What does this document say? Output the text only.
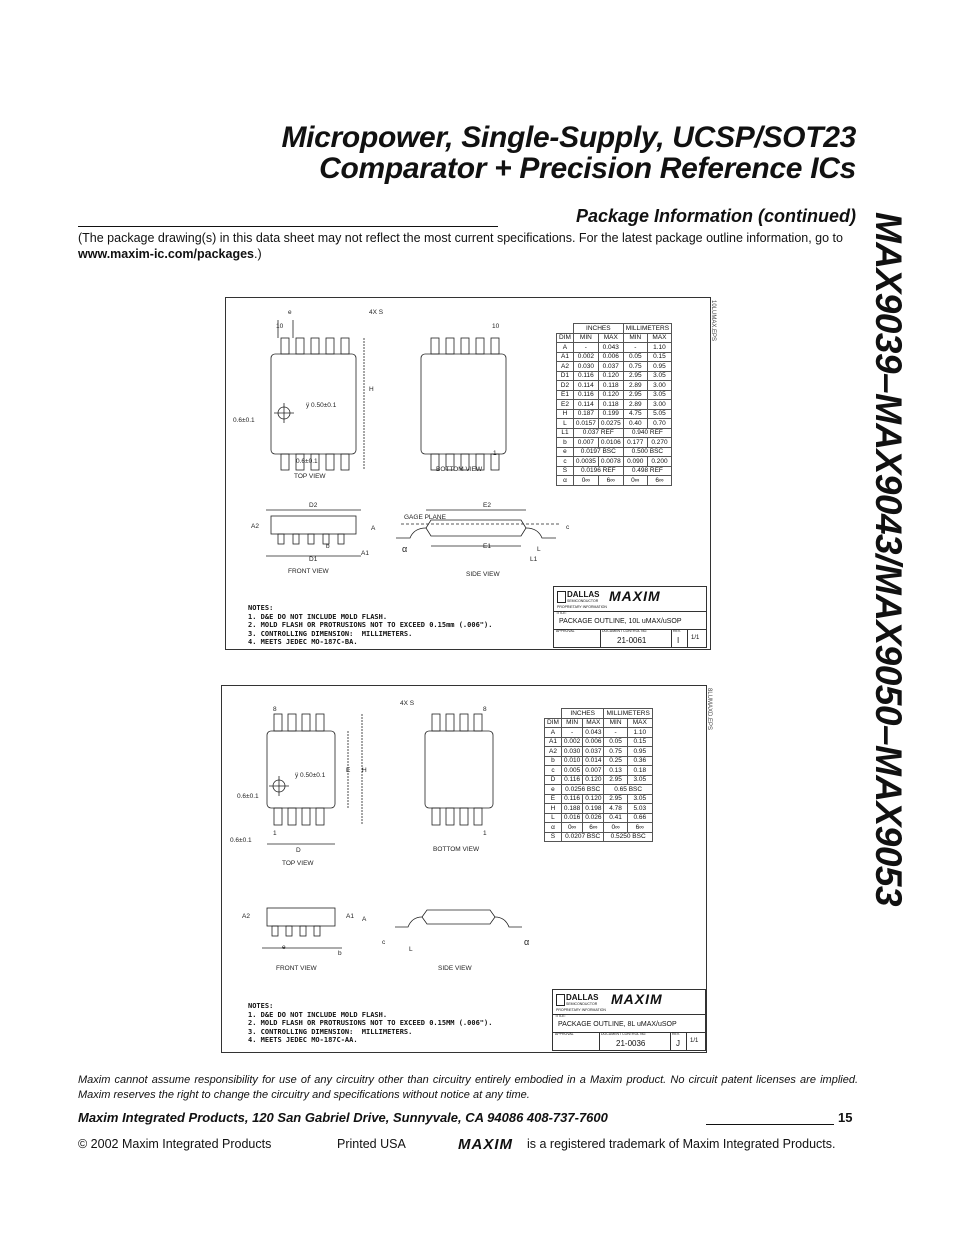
Micropower, Single-Supply, UCSP/SOT23
Comparator + Precision Reference ICs
MAX9039–MAX9043/MAX9050–MAX9053
Package Information (continued)
(The package drawing(s) in this data sheet may not reflect the most current specifications. For the latest package outline information, go to www.maxim-ic.com/packages.)
e	4X S
10	10
1
H
0.6±0.1
ÿ 0.50±0.1
0.6±0.1
TOP VIEW
BOTTOM VIEW
D2
A2	A
b
D1
A1
FRONT VIEW
GAGE PLANE
E2
c
E1	L
L1
α
SIDE VIEW
10LUMAX.EPS
	INCHES		MILLIMETERS	
DIM	MIN	MAX	MIN	MAX
A	-	0.043	-	1.10
A1	0.002	0.006	0.05	0.15
A2	0.030	0.037	0.75	0.95
D1	0.116	0.120	2.95	3.05
D2	0.114	0.118	2.89	3.00
E1	0.116	0.120	2.95	3.05
E2	0.114	0.118	2.89	3.00
H	0.187	0.199	4.75	5.05
L	0.0157	0.0275	0.40	0.70
L1	0.037 REF		0.940 REF	
b	0.007	0.0106	0.177	0.270
e	0.0197 BSC		0.500 BSC	
c	0.0035	0.0078	0.090	0.200
S	0.0196 REF		0.498 REF	
α	0∞	6∞	0∞	6∞
NOTES:
1. D&E DO NOT INCLUDE MOLD FLASH.
2. MOLD FLASH OR PROTRUSIONS NOT TO EXCEED 0.15mm (.006").
3. CONTROLLING DIMENSION:  MILLIMETERS.
4. MEETS JEDEC MO-187C-BA.
DALLAS
SEMICONDUCTOR MAXIM
PROPRIETARY INFORMATION
TITLE:
PACKAGE OUTLINE, 10L uMAX/uSOP
APPROVAL	DOCUMENT CONTROL NO.
21-0061
REV.
I 1/1
4X S
8	8
1	1
E H
0.6±0.1
ÿ 0.50±0.1
0.6±0.1
D
TOP VIEW
BOTTOM VIEW
A2	A1 A
e
b
FRONT VIEW
c
L
α
SIDE VIEW
8LUMAXD.EPS
	INCHES		MILLIMETERS	
DIM	MIN	MAX	MIN	MAX
A	-	0.043	-	1.10
A1	0.002	0.006	0.05	0.15
A2	0.030	0.037	0.75	0.95
b	0.010	0.014	0.25	0.36
c	0.005	0.007	0.13	0.18
D	0.116	0.120	2.95	3.05
e	0.0256 BSC		0.65 BSC	
E	0.116	0.120	2.95	3.05
H	0.188	0.198	4.78	5.03
L	0.016	0.026	0.41	0.66
α	0∞	6∞	0∞	6∞
S	0.0207 BSC		0.5250 BSC	
NOTES:
1. D&E DO NOT INCLUDE MOLD FLASH.
2. MOLD FLASH OR PROTRUSIONS NOT TO EXCEED 0.15MM (.006").
3. CONTROLLING DIMENSION:  MILLIMETERS.
4. MEETS JEDEC MO-187C-AA.
DALLAS
SEMICONDUCTOR MAXIM
PROPRIETARY INFORMATION
TITLE:
PACKAGE OUTLINE, 8L uMAX/uSOP
APPROVAL	DOCUMENT CONTROL NO.
21-0036
REV.
J 1/1
Maxim cannot assume responsibility for use of any circuitry other than circuitry entirely embodied in a Maxim product. No circuit patent licenses are implied. Maxim reserves the right to change the circuitry and specifications without notice at any time.
Maxim Integrated Products, 120 San Gabriel Drive, Sunnyvale, CA 94086 408-737-7600	15
© 2002 Maxim Integrated Products	Printed USA	MAXIM is a registered trademark of Maxim Integrated Products.
